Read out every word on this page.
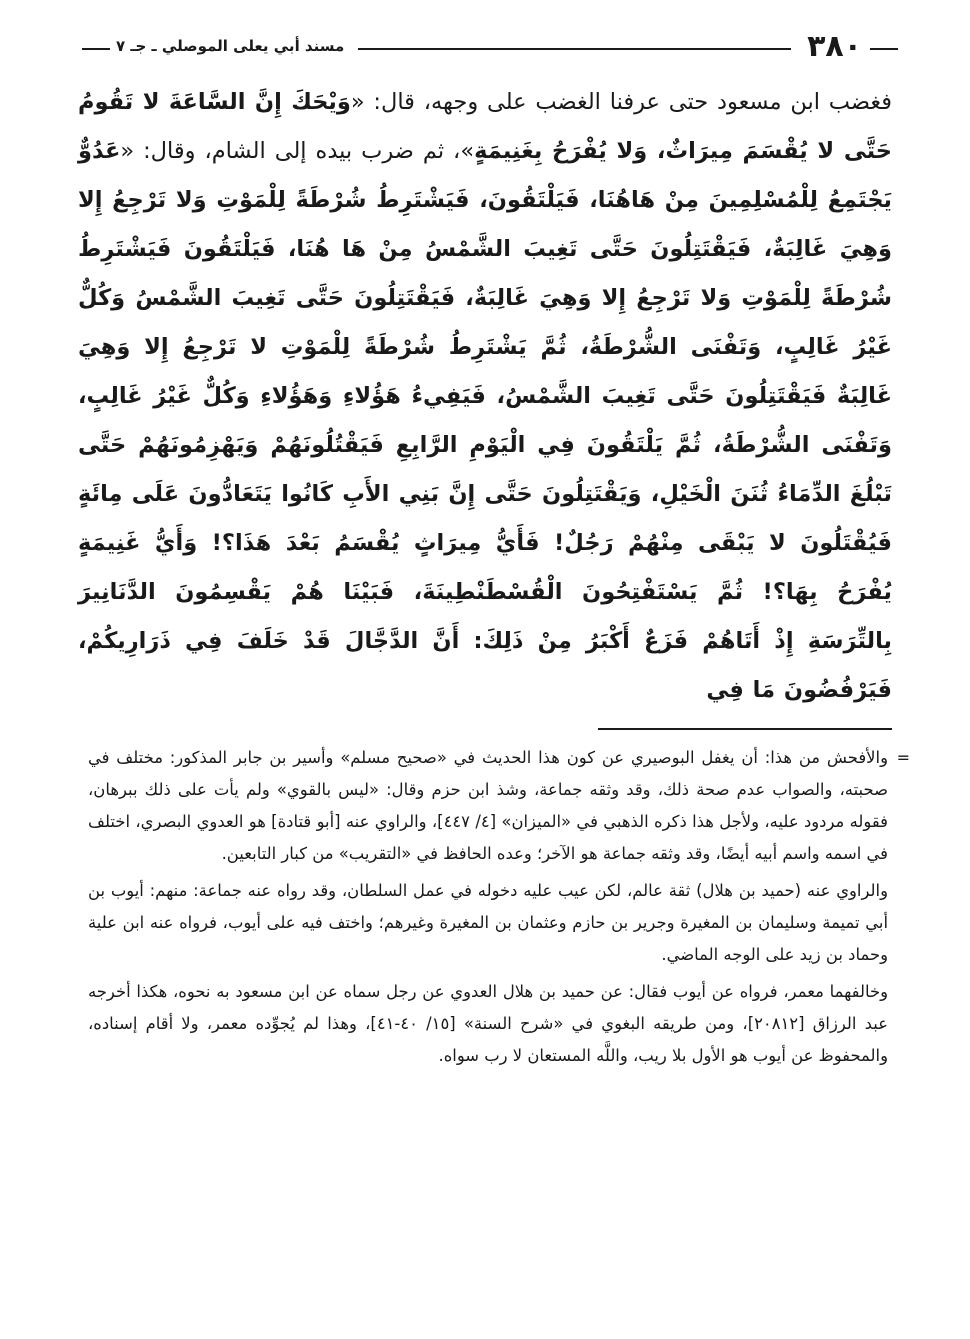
٣٨٠
مسند أبي يعلى الموصلي ـ جـ ٧
فغضب ابن مسعود حتى عرفنا الغضب على وجهه، قال: «وَيْحَكَ إِنَّ السَّاعَةَ لا تَقُومُ حَتَّى لا يُقْسَمَ مِيرَاثٌ، وَلا يُفْرَحُ بِغَنِيمَةٍ»، ثم ضرب بيده إلى الشام، وقال: «عَدُوٌّ يَجْتَمِعُ لِلْمُسْلِمِينَ مِنْ هَاهُنَا، فَيَلْتَقُونَ، فَيَشْتَرِطُ شُرْطَةً لِلْمَوْتِ وَلا تَرْجِعُ إِلا وَهِيَ غَالِبَةٌ، فَيَقْتَتِلُونَ حَتَّى تَغِيبَ الشَّمْسُ مِنْ هَا هُنَا، فَيَلْتَقُونَ فَيَشْتَرِطُ شُرْطَةً لِلْمَوْتِ وَلا تَرْجِعُ إِلا وَهِيَ غَالِبَةٌ، فَيَقْتَتِلُونَ حَتَّى تَغِيبَ الشَّمْسُ وَكُلٌّ غَيْرُ غَالِبٍ، وَتَفْنَى الشُّرْطَةُ، ثُمَّ يَشْتَرِطُ شُرْطَةً لِلْمَوْتِ لا تَرْجِعُ إِلا وَهِيَ غَالِبَةٌ فَيَقْتَتِلُونَ حَتَّى تَغِيبَ الشَّمْسُ، فَيَفِيءُ هَؤُلاءِ وَهَؤُلاءِ وَكُلٌّ غَيْرُ غَالِبٍ، وَتَفْنَى الشُّرْطَةُ، ثُمَّ يَلْتَقُونَ فِي الْيَوْمِ الرَّابِعِ فَيَقْتُلُونَهُمْ وَيَهْزِمُونَهُمْ حَتَّى تَبْلُغَ الدِّمَاءُ ثُنَنَ الْخَيْلِ، وَيَقْتَتِلُونَ حَتَّى إِنَّ بَنِي الأَبِ كَانُوا يَتَعَادُّونَ عَلَى مِائَةٍ فَيُقْتَلُونَ لا يَبْقَى مِنْهُمْ رَجُلٌ! فَأَيُّ مِيرَاثٍ يُقْسَمُ بَعْدَ هَذَا؟! وَأَيُّ غَنِيمَةٍ يُفْرَحُ بِهَا؟! ثُمَّ يَسْتَفْتِحُونَ الْقُسْطَنْطِينَةَ، فَبَيْنَا هُمْ يَقْسِمُونَ الدَّنَانِيرَ بِالتِّرَسَةِ إِذْ أَتَاهُمْ فَزَعٌ أَكْبَرُ مِنْ ذَلِكَ: أَنَّ الدَّجَّالَ قَدْ خَلَفَ فِي ذَرَارِيكُمْ، فَيَرْفُضُونَ مَا فِي

=
والأفحش من هذا: أن يغفل البوصيري عن كون هذا الحديث في «صحيح مسلم» وأسير بن جابر المذكور: مختلف في صحبته، والصواب عدم صحة ذلك، وقد وثقه جماعة، وشذ ابن حزم وقال: «ليس بالقوي» ولم يأت على ذلك ببرهان، فقوله مردود عليه، ولأجل هذا ذكره الذهبي في «الميزان» [٤/ ٤٤٧]، والراوي عنه [أبو قتادة] هو العدوي البصري، اختلف في اسمه واسم أبيه أيضًا، وقد وثقه جماعة هو الآخر؛ وعده الحافظ في «التقريب» من كبار التابعين.

والراوي عنه (حميد بن هلال) ثقة عالم، لكن عيب عليه دخوله في عمل السلطان، وقد رواه عنه جماعة: منهم: أيوب بن أبي تميمة وسليمان بن المغيرة وجرير بن حازم وعثمان بن المغيرة وغيرهم؛ واختف فيه على أيوب، فرواه عنه ابن علية وحماد بن زيد على الوجه الماضي.

وخالفهما معمر، فرواه عن أيوب فقال: عن حميد بن هلال العدوي عن رجل سماه عن ابن مسعود به نحوه، هكذا أخرجه عبد الرزاق [٢٠٨١٢]، ومن طريقه البغوي في «شرح السنة» [١٥/ ٤٠-٤١]، وهذا لم يُجوِّده معمر، ولا أقام إسناده، والمحفوظ عن أيوب هو الأول بلا ريب، واللَّه المستعان لا رب سواه.
